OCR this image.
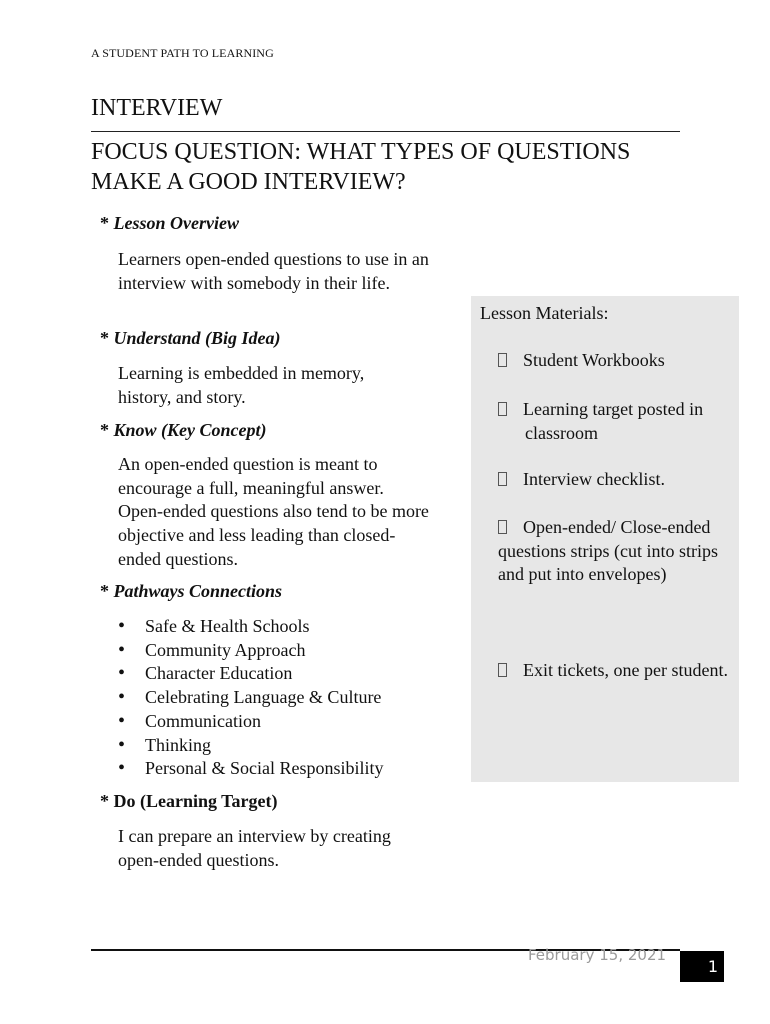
A STUDENT PATH TO LEARNING
INTERVIEW
FOCUS QUESTION: WHAT TYPES OF QUESTIONS MAKE A GOOD INTERVIEW?
* Lesson Overview
Learners open-ended questions to use in an interview with somebody in their life.
* Understand (Big Idea)
Learning is embedded in memory, history, and story.
* Know (Key Concept)
An open-ended question is meant to encourage a full, meaningful answer. Open-ended questions also tend to be more objective and less leading than closed- ended questions.
* Pathways Connections
• Safe & Health Schools
• Community Approach
• Character Education
• Celebrating Language & Culture
• Communication
• Thinking
• Personal & Social Responsibility
* Do (Learning Target)
I can prepare an interview by creating open-ended questions.
Lesson Materials:
Student Workbooks
Learning target posted in classroom
Interview checklist.
Open-ended/ Close-ended questions strips (cut into strips and put into envelopes)
Exit tickets, one per student.
February 15, 2021
1
